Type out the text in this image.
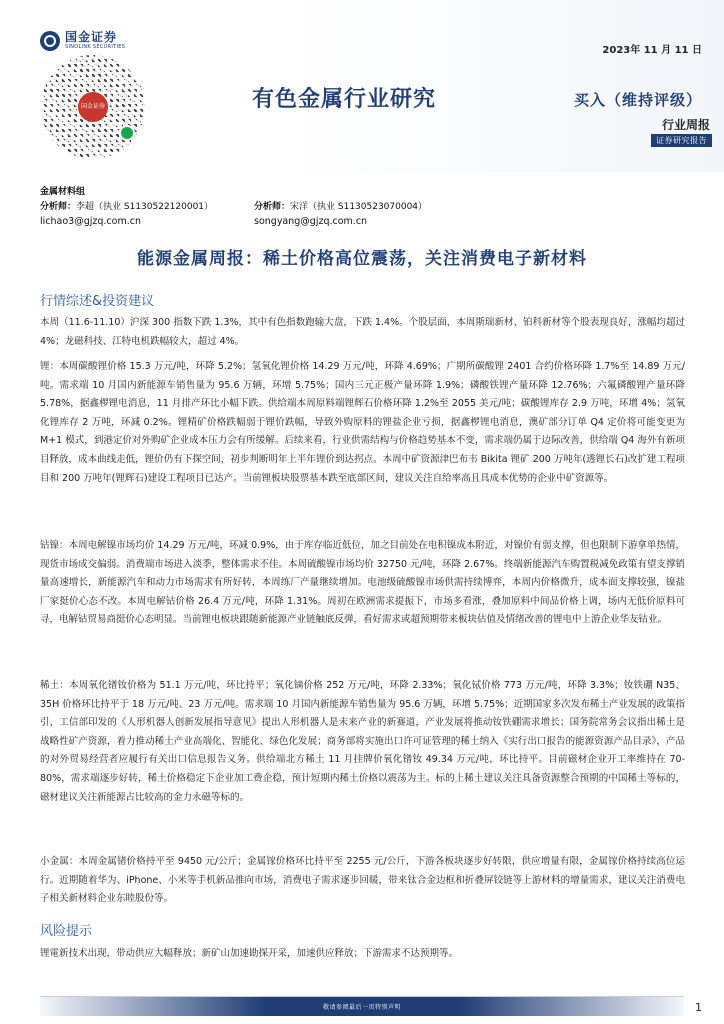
国金证券
SINOLINK SECURITIES
国金证券
2023年 11 月 11 日
有色金属行业研究	买入（维持评级）
行业周报
证券研究报告
金属材料组
分析师：李超（执业 S1130522120001）
lichao3@gjzq.com.cn
分析师：宋洋（执业 S1130523070004）
songyang@gjzq.com.cn
能源金属周报：稀土价格高位震荡，关注消费电子新材料
行情综述&投资建议
本周（11.6-11.10）沪深 300 指数下跌 1.3%，其中有色指数跑输大盘，下跌 1.4%。个股层面，本周斯瑞新材、铂科新材等个股表现良好，涨幅均超过 4%；龙磁科技、江特电机跌幅较大，超过 4%。
锂：本周碳酸锂价格 15.3 万元/吨，环降 5.2%；氢氧化锂价格 14.29 万元/吨，环降 4.69%；广期所碳酸锂 2401 合约价格环降 1.7%至 14.89 万元/吨。需求端 10 月国内新能源车销售量为 95.6 万辆，环增 5.75%；国内三元正极产量环降 1.9%；磷酸铁锂产量环降 12.76%；六氟磷酸锂产量环降 5.78%，据鑫椤锂电消息，11 月排产环比小幅下跌。供给端本周原料端锂辉石价格环降 1.2%至 2055 美元/吨；碳酸锂库存 2.9 万吨，环增 4%；氢氧化锂库存 2 万吨，环减 0.2%。锂精矿价格跌幅弱于锂价跌幅，导致外购原料的锂盐企业亏损，据鑫椤锂电消息，澳矿部分订单 Q4 定价将可能变更为 M+1 模式，到港定价对外购矿企业成本压力会有所缓解。后续来看，行业供需结构与价格趋势基本不变，需求端仍属于边际改善，供给端 Q4 海外有新项目释放，成本曲线走低，锂价仍有下探空间，初步判断明年上半年锂价到达拐点。本周中矿资源津巴布韦 Bikita 锂矿 200 万吨年(透锂长石)改扩建工程项目和 200 万吨年(锂辉石)建设工程项目已达产。当前锂板块股票基本跌至底部区间，建议关注自给率高且具成本优势的企业中矿资源等。
钴镍：本周电解镍市场均价 14.29 万元/吨，环减 0.9%，由于库存临近低位，加之目前处在电积镍成本附近，对镍价有弱支撑，但也限制下游拿单热情，现货市场成交偏弱。消费端市场进入淡季，整体需求不佳。本周硫酸镍市场均价 32750 元/吨，环降 2.67%。终端新能源汽车购置税减免政策有望支撑销量高速增长，新能源汽车和动力市场需求有所好转，本周练厂产量继续增加。电池级硫酸镍市场供需持续博弈，本周内价格微升，成本面支撑较强，镍盐厂家挺价心态不改。本周电解钴价格 26.4 万元/吨，环降 1.31%。周初在欧洲需求提振下，市场多看涨，叠加原料中间品价格上调，场内无低价原料可寻，电解钴贸易商挺价心态明显。当前锂电板块跟随新能源产业链触底反弹，看好需求或超预期带来板块估值及情绪改善的锂电中上游企业华友钴业。
稀土：本周氧化镨钕价格为 51.1 万元/吨，环比持平；氧化镝价格 252 万元/吨，环降 2.33%；氧化铽价格 773 万元/吨，环降 3.3%；钕铁硼 N35、35H 价格环比持平于 18 万元/吨、23 万元/吨。需求端 10 月国内新能源车销售量为 95.6 万辆，环增 5.75%；近期国家多次发布稀土产业发展的政策指引，工信部印发的《人形机器人创新发展指导意见》提出人形机器人是未来产业的新赛道，产业发展将推动钕铁硼需求增长；国务院常务会议指出稀土是战略性矿产资源，着力推动稀土产业高端化、智能化、绿色化发展；商务部将实施出口许可证管理的稀土纳入《实行出口报告的能源资源产品目录》，产品的对外贸易经营者应履行有关出口信息报告义务。供给端北方稀土 11 月挂牌价氧化镨钕 49.34 万元/吨，环比持平。目前磁材企业开工率维持在 70-80%，需求端逐步好转，稀土价格稳定下企业加工费企稳，预计短期内稀土价格以震荡为主。标的上稀土建议关注具备资源整合预期的中国稀土等标的，磁材建议关注新能源占比较高的金力永磁等标的。
小金属：本周金属锗价格持平至 9450 元/公斤；金属镓价格环比持平至 2255 元/公斤，下游各板块逐步好转限，供应增量有限，金属镓价格持续高位运行。近期随着华为、iPhone、小米等手机新品推向市场，消费电子需求逐步回暖，带来钛合金边框和折叠屏铰链等上游材料的增量需求，建议关注消费电子相关新材料企业东睦股份等。
风险提示
锂電新技术出现，带动供应大幅释放；新矿山加速勘探开采，加速供应释放；下游需求不达预期等。
敬请参阅最后一页特别声明	1
